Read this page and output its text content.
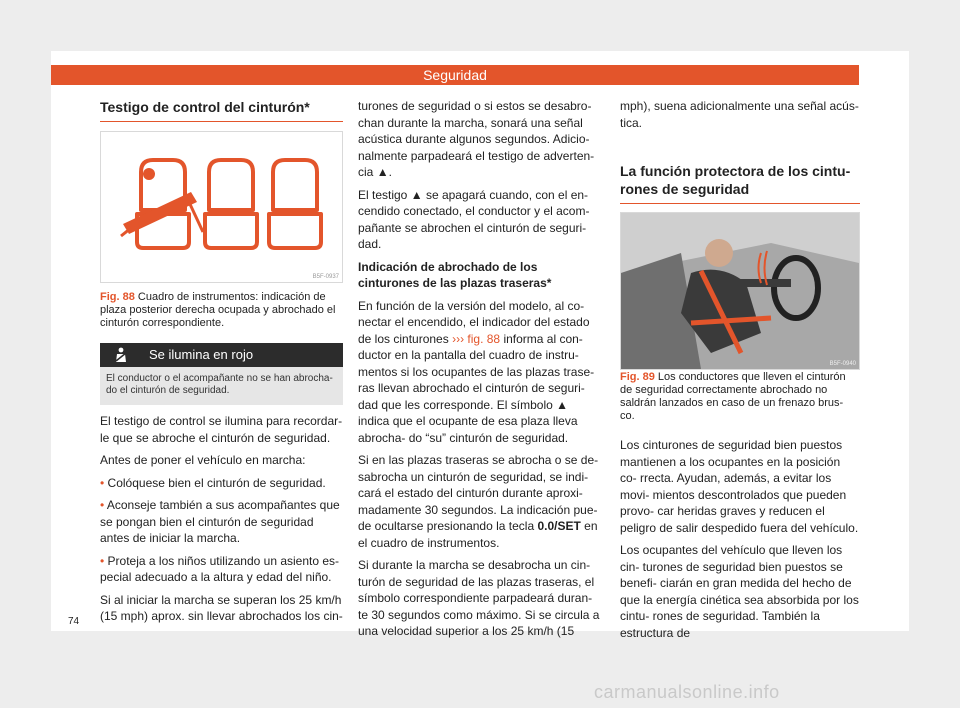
Seguridad
Testigo de control del cinturón*
B5F-0937
Fig. 88 Cuadro de instrumentos: indicación de plaza posterior derecha ocupada y abrochado el cinturón correspondiente.
Se ilumina en rojo
El conductor o el acompañante no se han abrocha- do el cinturón de seguridad.

El testigo de control se ilumina para recordar- le que se abroche el cinturón de seguridad.

Antes de poner el vehículo en marcha:

• Colóquese bien el cinturón de seguridad.

• Aconseje también a sus acompañantes que se pongan bien el cinturón de seguridad antes de iniciar la marcha.

• Proteja a los niños utilizando un asiento es- pecial adecuado a la altura y edad del niño.

Si al iniciar la marcha se superan los 25 km/h (15 mph) aprox. sin llevar abrochados los cin-

turones de seguridad o si estos se desabro- chan durante la marcha, sonará una señal acústica durante algunos segundos. Adicio- nalmente parpadeará el testigo de adverten- cia ▲.

El testigo ▲ se apagará cuando, con el en- cendido conectado, el conductor y el acom- pañante se abrochen el cinturón de seguri- dad.

Indicación de abrochado de los cinturones de las plazas traseras*

En función de la versión del modelo, al co- nectar el encendido, el indicador del estado de los cinturones ››› fig. 88 informa al con- ductor en la pantalla del cuadro de instru- mentos si los ocupantes de las plazas trase- ras llevan abrochado el cinturón de seguri- dad que les corresponde. El símbolo ▲ indica que el ocupante de esa plaza lleva abrocha- do “su” cinturón de seguridad.

Si en las plazas traseras se abrocha o se de- sabrocha un cinturón de seguridad, se indi- cará el estado del cinturón durante aproxi- madamente 30 segundos. La indicación pue- de ocultarse presionando la tecla 0.0/SET en el cuadro de instrumentos.

Si durante la marcha se desabrocha un cin- turón de seguridad de las plazas traseras, el símbolo correspondiente parpadeará duran- te 30 segundos como máximo. Si se circula a una velocidad superior a los 25 km/h (15

mph), suena adicionalmente una señal acús- tica.

La función protectora de los cintu- rones de seguridad
B5F-0940
Fig. 89 Los conductores que lleven el cinturón de seguridad correctamente abrochado no saldrán lanzados en caso de un frenazo brus- co.

Los cinturones de seguridad bien puestos mantienen a los ocupantes en la posición co- rrecta. Ayudan, además, a evitar los movi- mientos descontrolados que pueden provo- car heridas graves y reducen el peligro de salir despedido fuera del vehículo.

Los ocupantes del vehículo que lleven los cin- turones de seguridad bien puestos se benefi- ciarán en gran medida del hecho de que la energía cinética sea absorbida por los cintu- rones de seguridad. También la estructura de

74
carmanualsonline.info
